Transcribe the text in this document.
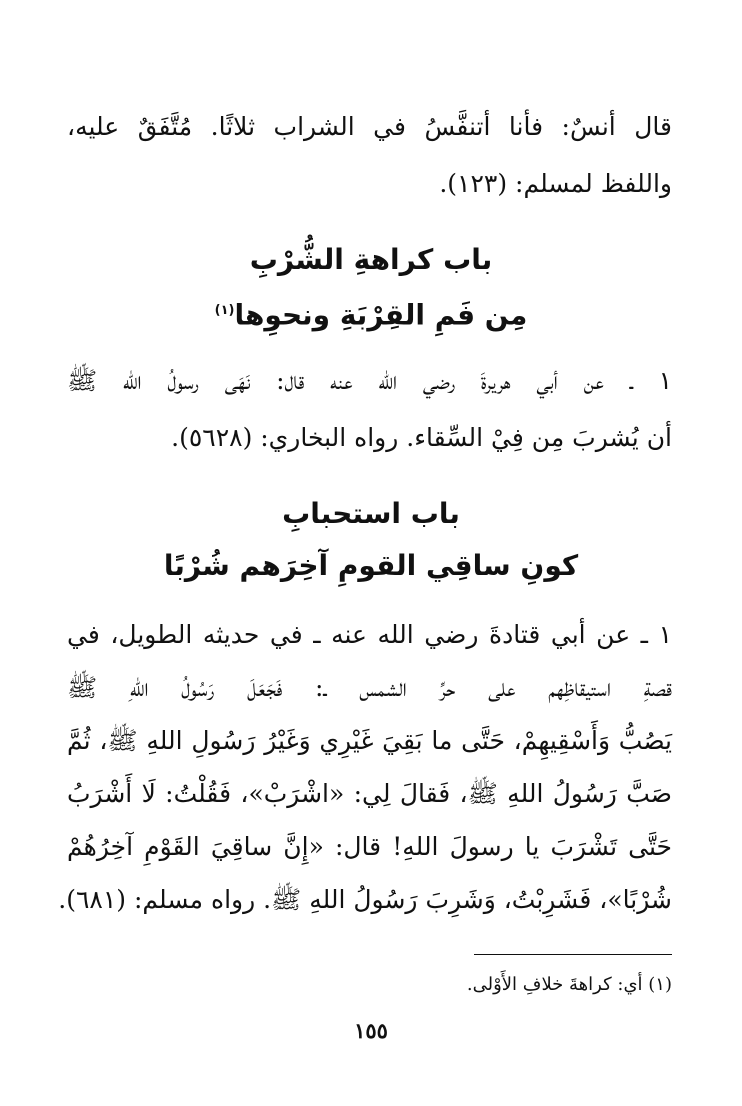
قال أنسٌ: فأنا أتنفَّسُ في الشراب ثلاثًا. مُتَّفَقٌ عليه،
واللفظ لمسلم: (١٢٣).
باب كراهةِ الشُّرْبِ
مِن فَمِ القِرْبَةِ ونحوِها$^{(١)}$
١ ـ عن أبي هريرةَ رضي الله عنه قال: نَهَى رسولُ الله ﷺ
أن يُشربَ مِن فِيْ السِّقاء. رواه البخاري: (٥٦٢٨).
باب استحبابِ
كونِ ساقِي القومِ آخِرَهم شُرْبًا
١ ـ عن أبي قتادةَ رضي الله عنه ـ في حديثه الطويل، في
قصةِ استيقاظِهم على حرِّ الشمس ـ: فَجَعَلَ رَسُولُ اللهِ ﷺ
يَصُبُّ وَأَسْقِيهِمْ، حَتَّى ما بَقِيَ غَيْرِي وَغَيْرُ رَسُولِ اللهِ ﷺ، ثُمَّ
صَبَّ رَسُولُ اللهِ ﷺ، فَقالَ لِي: «اشْرَبْ»، فَقُلْتُ: لَا أَشْرَبُ
حَتَّى تَشْرَبَ يا رسولَ اللهِ! قال: «إِنَّ ساقِيَ القَوْمِ آخِرُهُمْ
شُرْبًا»، فَشَرِبْتُ، وَشَرِبَ رَسُولُ اللهِ ﷺ. رواه مسلم: (٦٨١).
(١) أي: كراهةَ خلافِ الأَوْلى.
١٥٥
